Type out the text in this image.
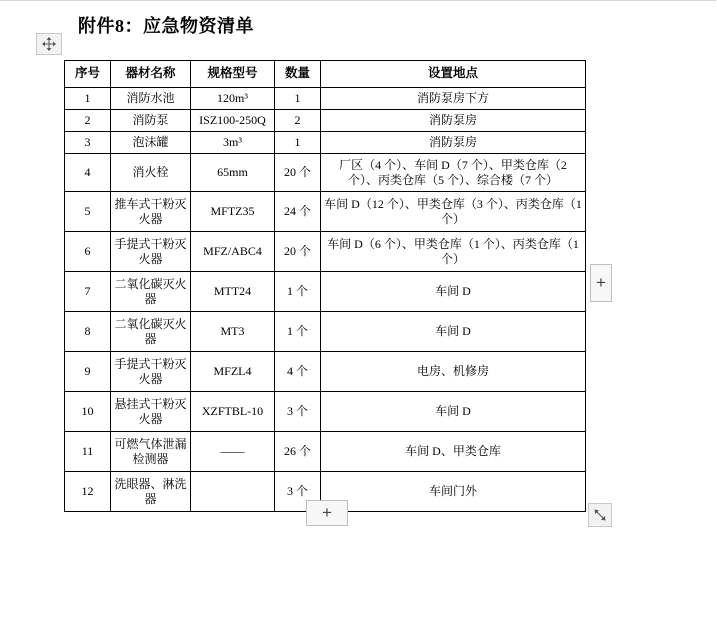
附件8：应急物资清单
序号	器材名称	规格型号	数量	设置地点
1	消防水池	120m³	1	消防泵房下方
2	消防泵	ISZ100-250Q	2	消防泵房
3	泡沫罐	3m³	1	消防泵房
4	消火栓	65mm	20 个	厂区（4 个）、车间 D（7 个）、甲类仓库（2 个）、丙类仓库（5 个）、综合楼（7 个）
5	推车式干粉灭火器	MFTZ35	24 个	车间 D（12 个）、甲类仓库（3 个）、丙类仓库（1 个）
6	手提式干粉灭火器	MFZ/ABC4	20 个	车间 D（6 个）、甲类仓库（1 个）、丙类仓库（1 个）
7	二氧化碳灭火器	MTT24	1 个	车间 D
8	二氧化碳灭火器	MT3	1 个	车间 D
9	手提式干粉灭火器	MFZL4	4 个	电房、机修房
10	悬挂式干粉灭火器	XZFTBL-10	3 个	车间 D
11	可燃气体泄漏检测器	——	26 个	车间 D、甲类仓库
12	洗眼器、淋洗器		3 个	车间门外
+
+
